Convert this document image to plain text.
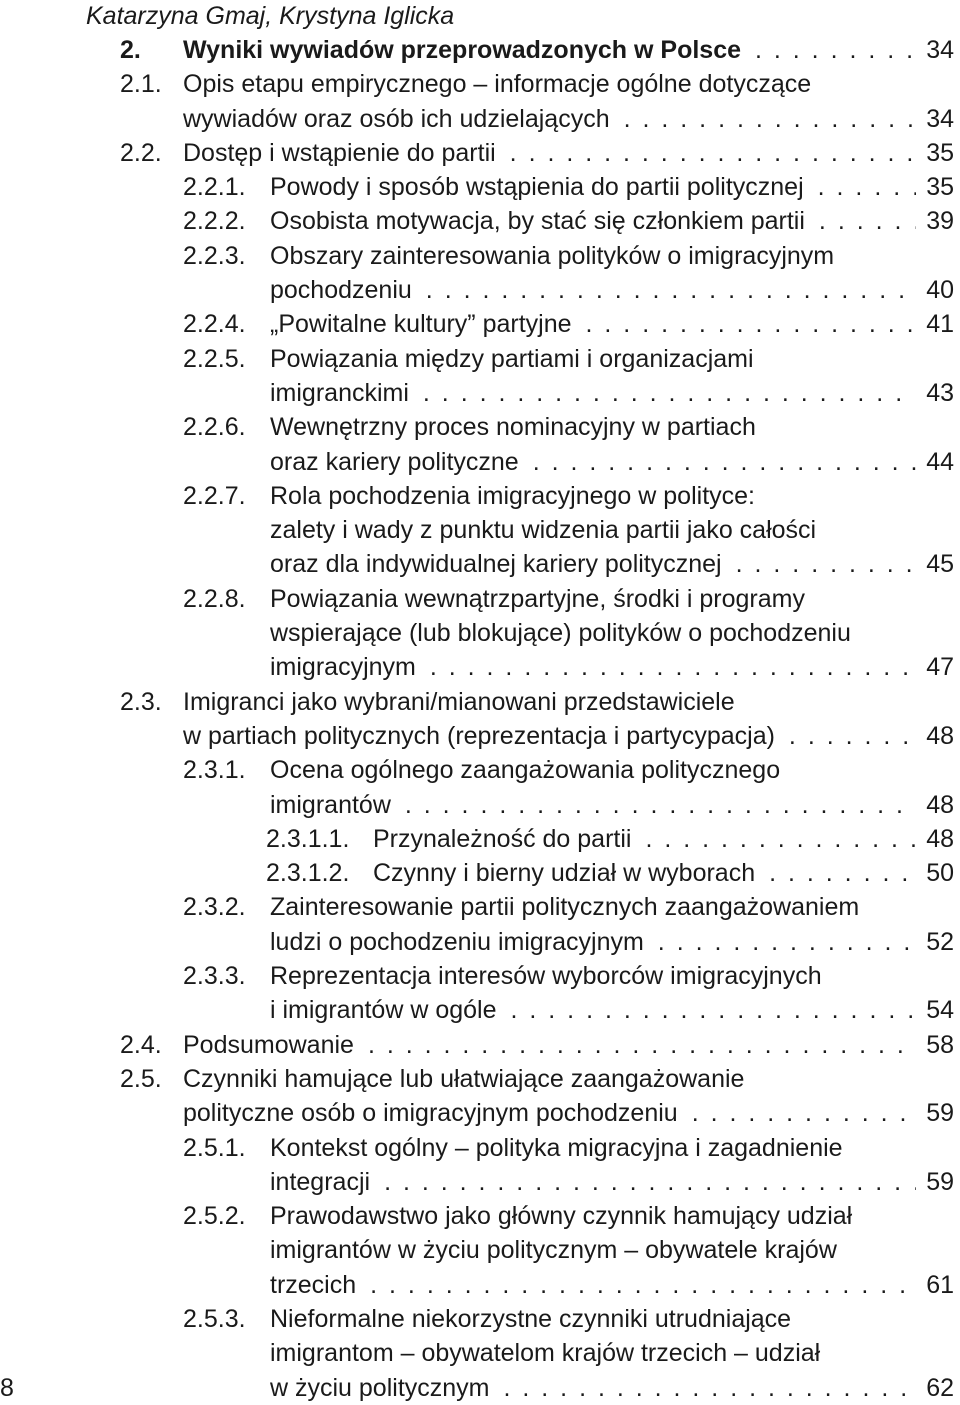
Katarzyna Gmaj, Krystyna Iglicka
2. Wyniki wywiadów przeprowadzonych w Polsce . . .	34
2.1. Opis etapu empirycznego – informacje ogólne dotyczące
wywiadów oraz osób ich udzielających . . .	34
2.2. Dostęp i wstąpienie do partii . . .	35
2.2.1. Powody i sposób wstąpienia do partii politycznej . . .	35
2.2.2. Osobista motywacja, by stać się członkiem partii . . .	39
2.2.3. Obszary zainteresowania polityków o imigracyjnym
pochodzeniu . . .	40
2.2.4. „Powitalne kultury” partyjne . . .	41
2.2.5. Powiązania między partiami i organizacjami
imigranckimi . . .	43
2.2.6. Wewnętrzny proces nominacyjny w partiach
oraz kariery polityczne . . .	44
2.2.7. Rola pochodzenia imigracyjnego w polityce:
zalety i wady z punktu widzenia partii jako całości
oraz dla indywidualnej kariery politycznej . . .	45
2.2.8. Powiązania wewnątrzpartyjne, środki i programy
wspierające (lub blokujące) polityków o pochodzeniu
imigracyjnym . . .	47
2.3. Imigranci jako wybrani/mianowani przedstawiciele
w partiach politycznych (reprezentacja i partycypacja) . . .	48
2.3.1. Ocena ogólnego zaangażowania politycznego
imigrantów . . .	48
2.3.1.1. Przynależność do partii . . .	48
2.3.1.2. Czynny i bierny udział w wyborach . . .	50
2.3.2. Zainteresowanie partii politycznych zaangażowaniem
ludzi o pochodzeniu imigracyjnym . . .	52
2.3.3. Reprezentacja interesów wyborców imigracyjnych
i imigrantów w ogóle . . .	54
2.4. Podsumowanie . . .	58
2.5. Czynniki hamujące lub ułatwiające zaangażowanie
polityczne osób o imigracyjnym pochodzeniu . . .	59
2.5.1. Kontekst ogólny – polityka migracyjna i zagadnienie
integracji . . .	59
2.5.2. Prawodawstwo jako główny czynnik hamujący udział
imigrantów w życiu politycznym – obywatele krajów
trzecich . . .	61
2.5.3. Nieformalne niekorzystne czynniki utrudniające
imigrantom – obywatelom krajów trzecich – udział
w życiu politycznym . . .	62
8
